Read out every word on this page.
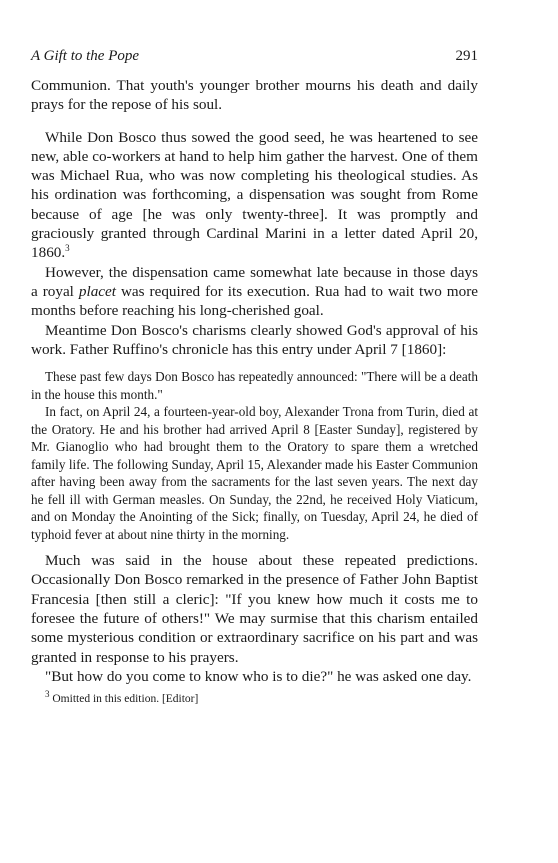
A Gift to the Pope	291

Communion. That youth's younger brother mourns his death and daily prays for the repose of his soul.

While Don Bosco thus sowed the good seed, he was heartened to see new, able co-workers at hand to help him gather the harvest. One of them was Michael Rua, who was now completing his theological studies. As his ordination was forthcoming, a dispensation was sought from Rome because of age [he was only twenty-three]. It was promptly and graciously granted through Cardinal Marini in a letter dated April 20, 1860.$^3$

However, the dispensation came somewhat late because in those days a royal placet was required for its execution. Rua had to wait two more months before reaching his long-cherished goal.

Meantime Don Bosco's charisms clearly showed God's approval of his work. Father Ruffino's chronicle has this entry under April 7 [1860]:

These past few days Don Bosco has repeatedly announced: "There will be a death in the house this month."

In fact, on April 24, a fourteen-year-old boy, Alexander Trona from Turin, died at the Oratory. He and his brother had arrived April 8 [Easter Sunday], registered by Mr. Gianoglio who had brought them to the Oratory to spare them a wretched family life. The following Sunday, April 15, Alexander made his Easter Communion after having been away from the sacraments for the last seven years. The next day he fell ill with German measles. On Sunday, the 22nd, he received Holy Viaticum, and on Monday the Anointing of the Sick; finally, on Tuesday, April 24, he died of typhoid fever at about nine thirty in the morning.

Much was said in the house about these repeated predictions. Occasionally Don Bosco remarked in the presence of Father John Baptist Francesia [then still a cleric]: "If you knew how much it costs me to foresee the future of others!" We may surmise that this charism entailed some mysterious condition or extraordinary sacrifice on his part and was granted in response to his prayers.

"But how do you come to know who is to die?" he was asked one day.

$^3$ Omitted in this edition. [Editor]
